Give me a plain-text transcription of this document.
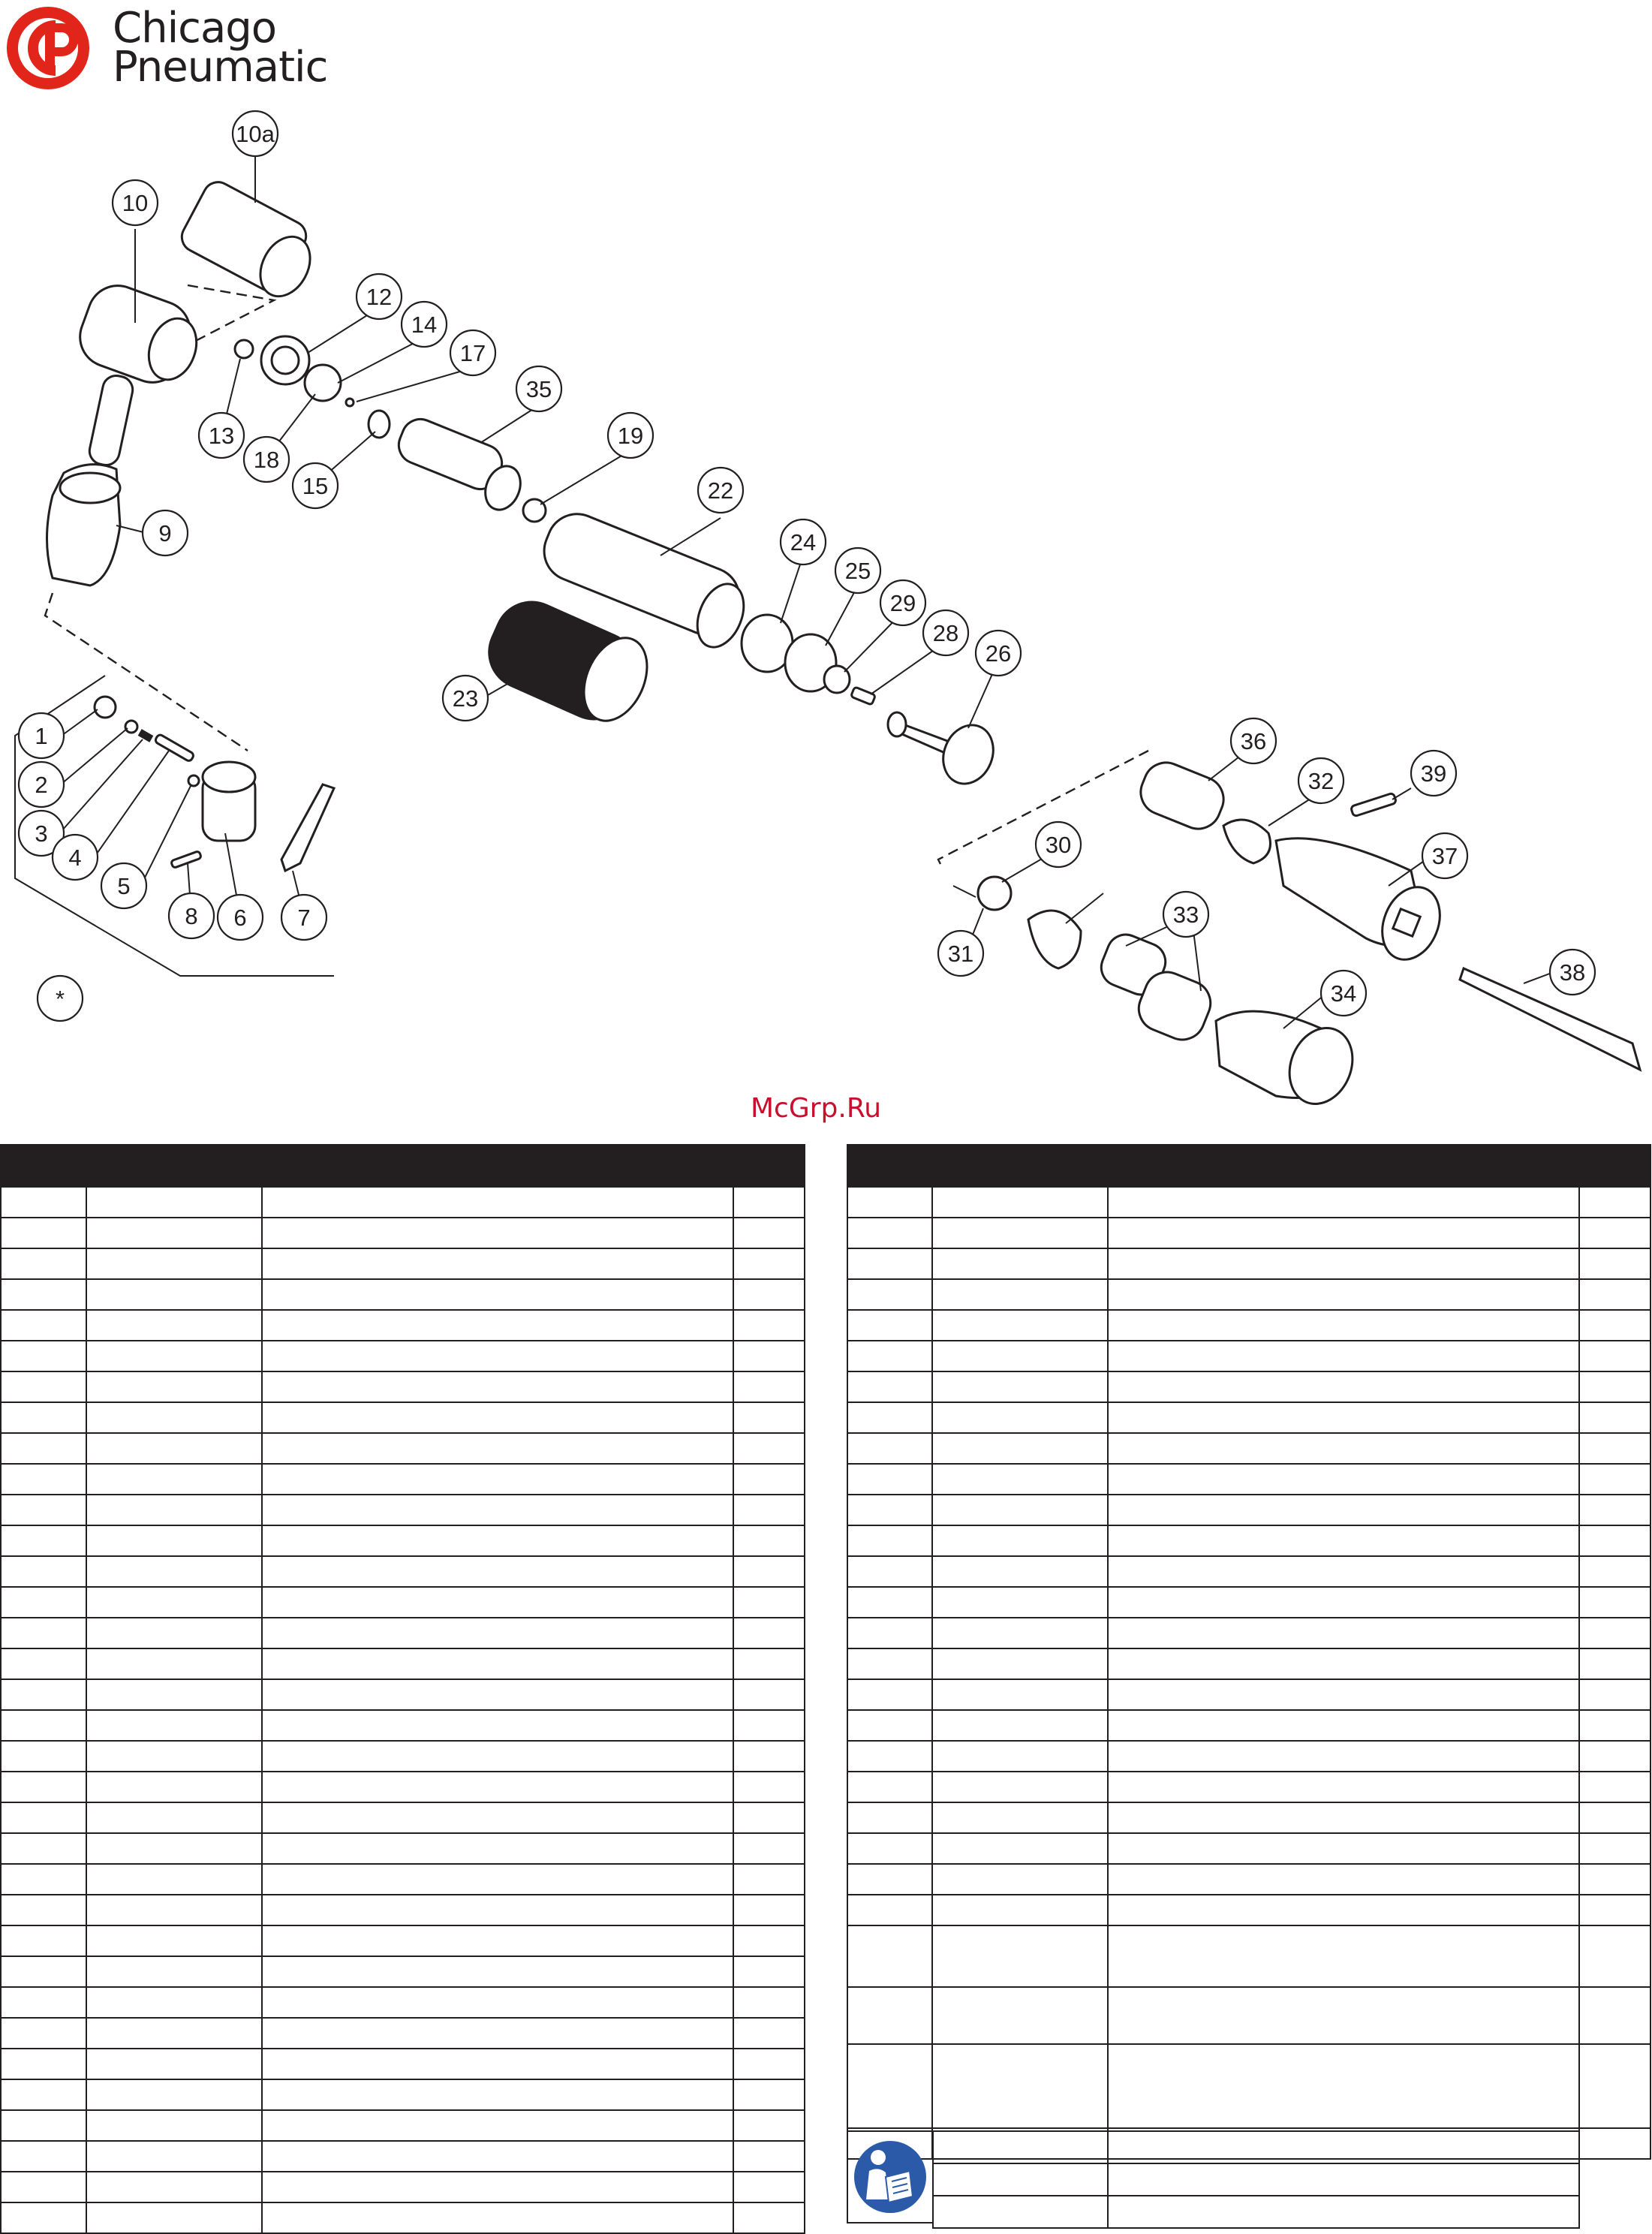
Chicago
Pneumatic
10a
10
12
14
17
13
18
15
35
19
22
9	24
25
29
28
26
23
1
2
3
4
5
6 7
8
*
36
32	39
30	37
31
33
34
38
McGrp.Ru
